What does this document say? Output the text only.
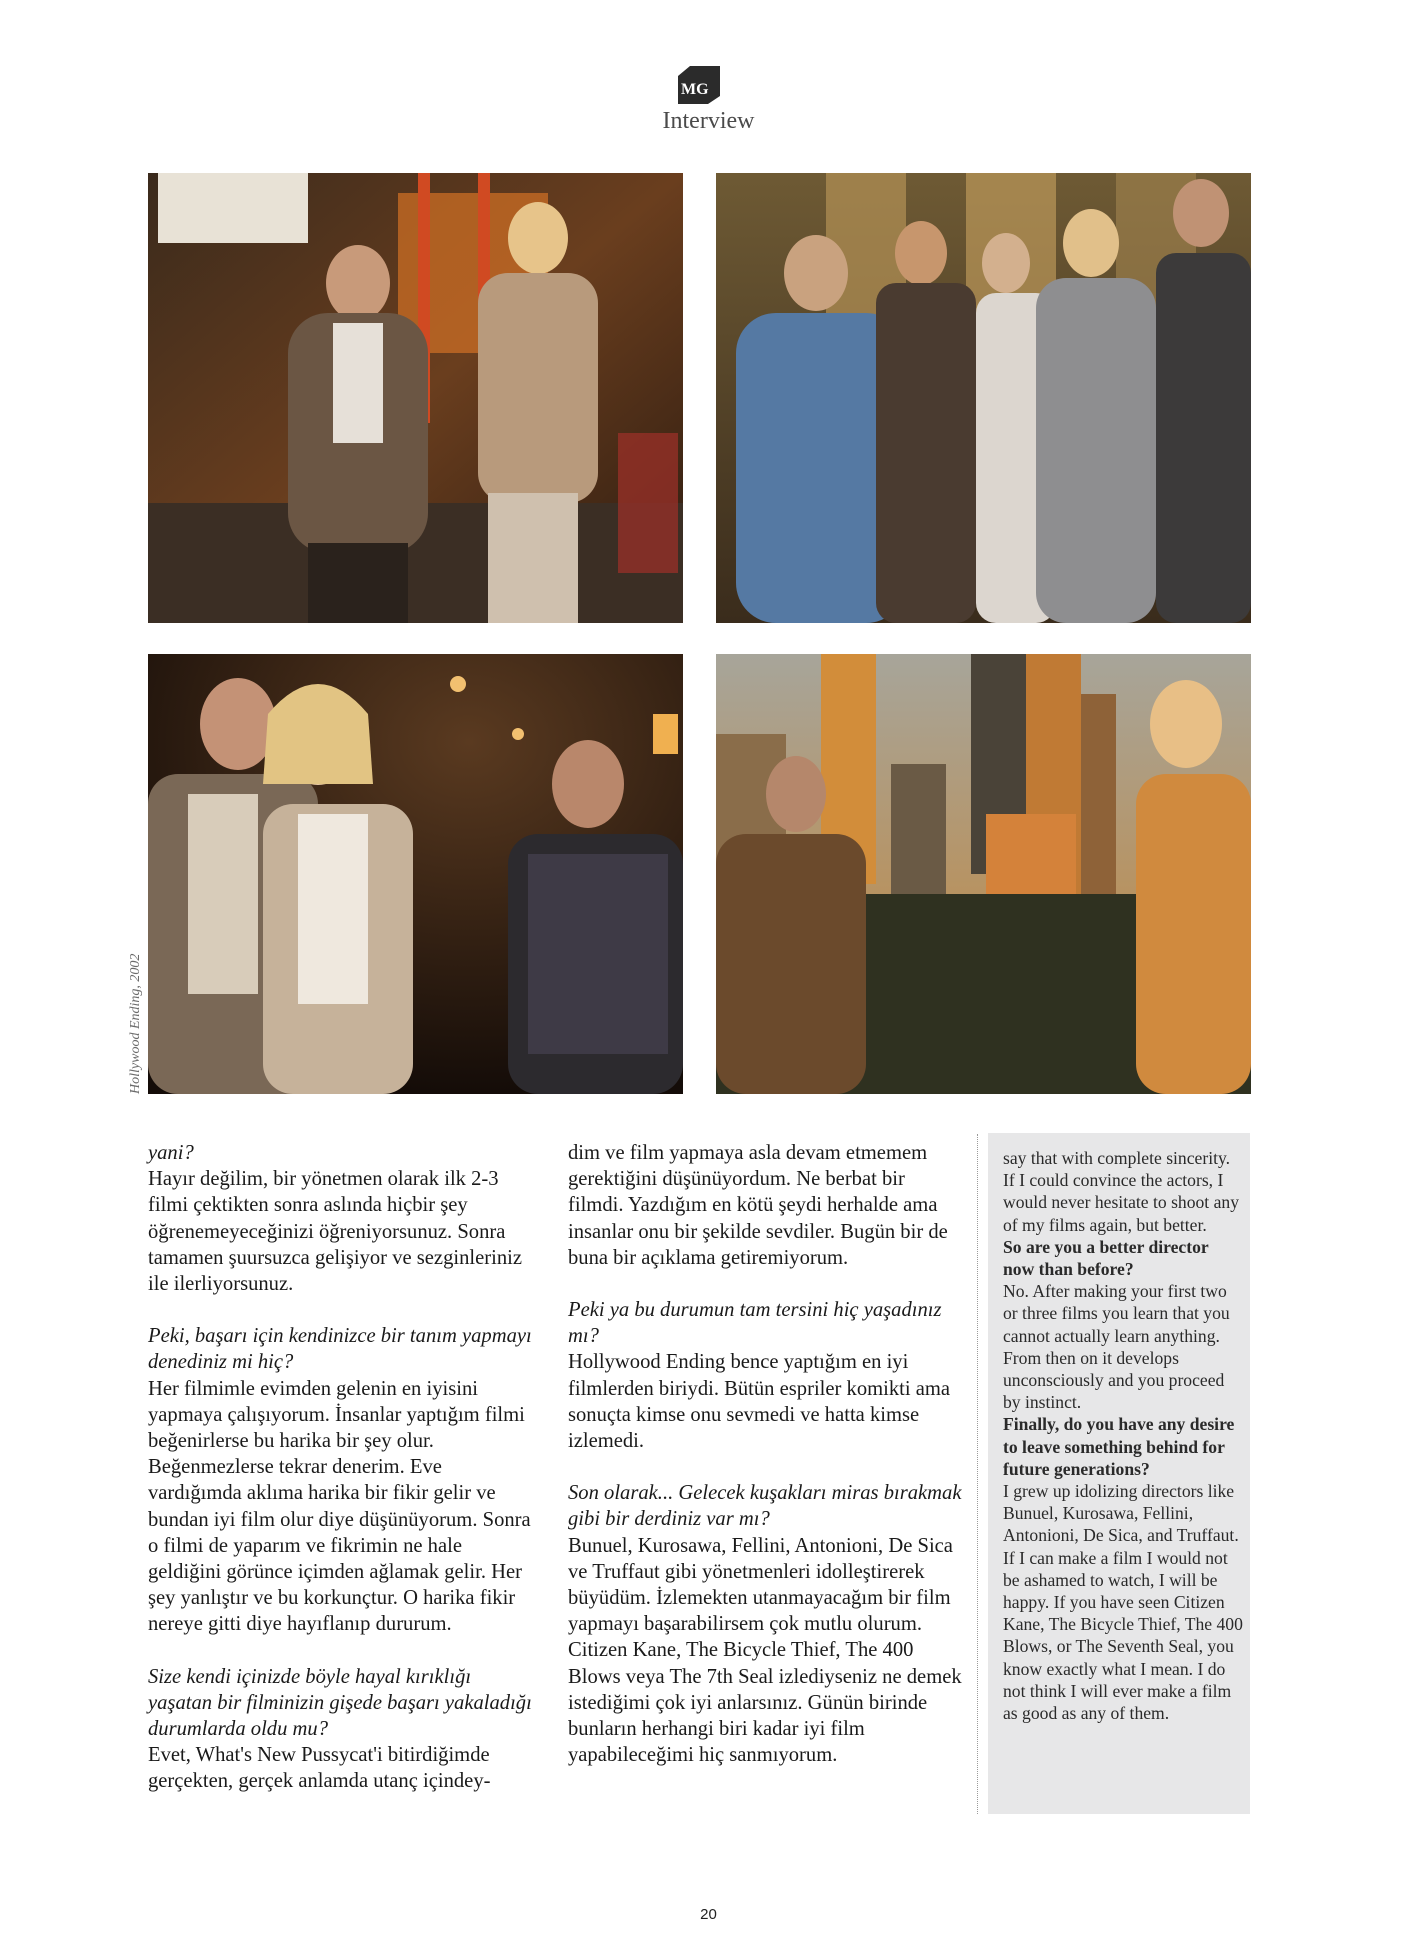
MG
Interview
Hollywood Ending, 2002

yani?

Hayır değilim, bir yönetmen olarak ilk 2-3 filmi çektikten sonra aslında hiçbir şey öğrenemeyeceğinizi öğreniyorsunuz. Sonra tamamen şuursuzca gelişiyor ve sezginleriniz ile ilerliyorsunuz.

Peki, başarı için kendinizce bir tanım yapmayı denediniz mi hiç?

Her filmimle evimden gelenin en iyisini yapmaya çalışıyorum. İnsanlar yaptığım filmi beğenirlerse bu harika bir şey olur. Beğenmezlerse tekrar denerim. Eve vardığımda aklıma harika bir fikir gelir ve bundan iyi film olur diye düşünüyorum. Sonra o filmi de yaparım ve fikrimin ne hale geldiğini görünce içimden ağlamak gelir. Her şey yanlıştır ve bu korkunçtur. O harika fikir nereye gitti diye hayıflanıp dururum.

Size kendi içinizde böyle hayal kırıklığı yaşatan bir filminizin gişede başarı yakaladığı durumlarda oldu mu?

Evet, What's New Pussycat'i bitirdiğimde gerçekten, gerçek anlamda utanç içindey-

dim ve film yapmaya asla devam etmemem gerektiğini düşünüyordum. Ne berbat bir filmdi. Yazdığım en kötü şeydi herhalde ama insanlar onu bir şekilde sevdiler. Bugün bir de buna bir açıklama getiremiyorum.

Peki ya bu durumun tam tersini hiç yaşadınız mı?

Hollywood Ending bence yaptığım en iyi filmlerden biriydi. Bütün espriler komikti ama sonuçta kimse onu sevmedi ve hatta kimse izlemedi.

Son olarak... Gelecek kuşakları miras bırakmak gibi bir derdiniz var mı?

Bunuel, Kurosawa, Fellini, Antonioni, De Sica ve Truffaut gibi yönetmenleri idolleştirerek büyüdüm. İzlemekten utanmayacağım bir film yapmayı başarabilirsem çok mutlu olurum. Citizen Kane, The Bicycle Thief, The 400 Blows veya The 7th Seal izlediyseniz ne demek istediğimi çok iyi anlarsınız. Günün birinde bunların herhangi biri kadar iyi film yapabileceğimi hiç sanmıyorum.

say that with complete sincerity. If I could convince the actors, I would never hesitate to shoot any of my films again, but better.

So are you a better director now than before?

No. After making your first two or three films you learn that you cannot actually learn anything. From then on it develops unconsciously and you proceed by instinct.

Finally, do you have any desire to leave something behind for future generations?

I grew up idolizing directors like Bunuel, Kurosawa, Fellini, Antonioni, De Sica, and Truffaut. If I can make a film I would not be ashamed to watch, I will be happy. If you have seen Citizen Kane, The Bicycle Thief, The 400 Blows, or The Seventh Seal, you know exactly what I mean. I do not think I will ever make a film as good as any of them.

20
